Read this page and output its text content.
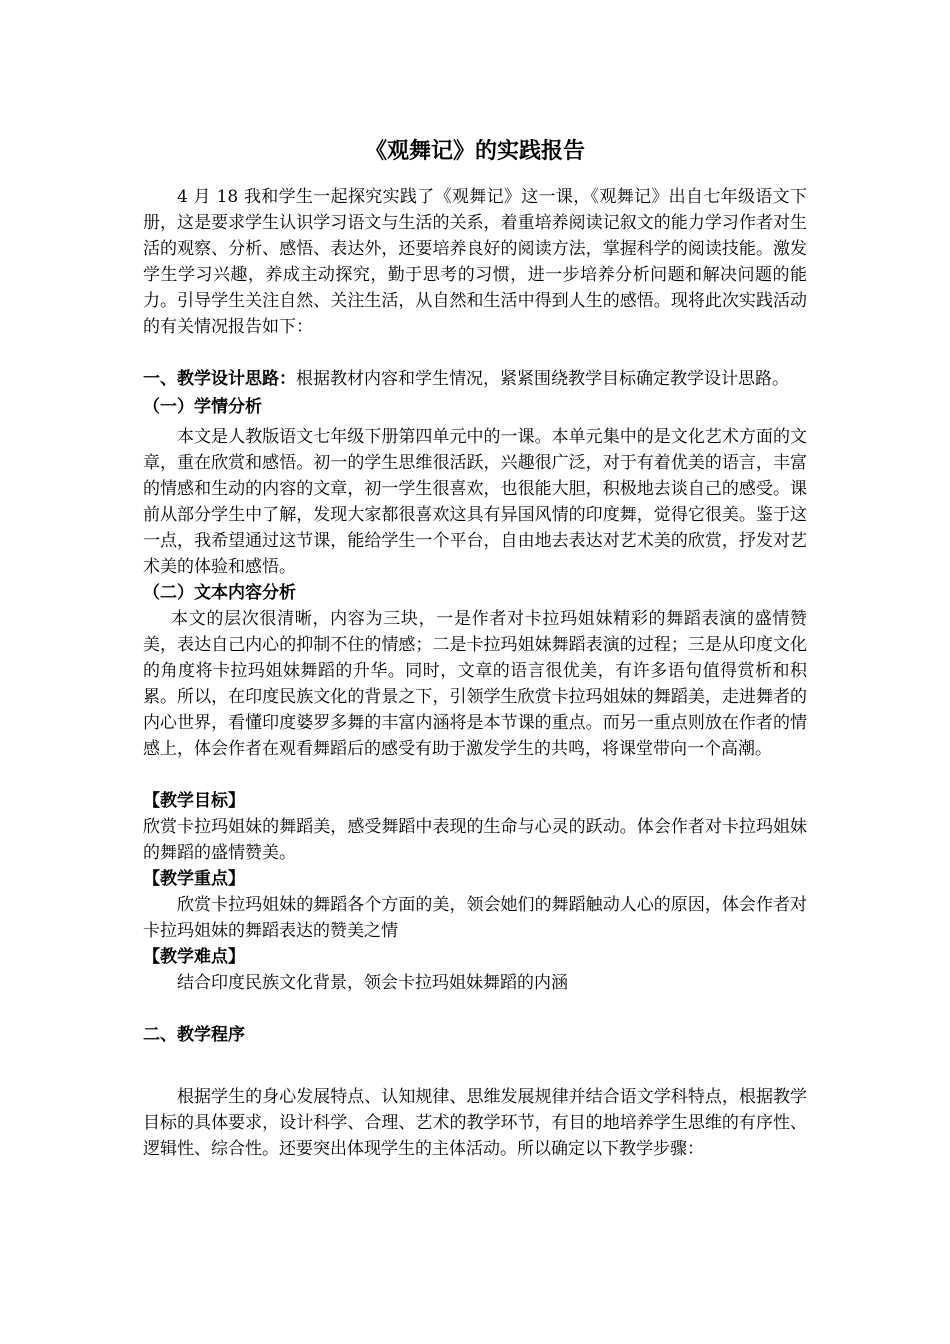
《观舞记》的实践报告

4 月 18 我和学生一起探究实践了《观舞记》这一课，《观舞记》出自七年级语文下册，这是要求学生认识学习语文与生活的关系，着重培养阅读记叙文的能力学习作者对生活的观察、分析、感悟、表达外，还要培养良好的阅读方法，掌握科学的阅读技能。激发学生学习兴趣，养成主动探究，勤于思考的习惯，进一步培养分析问题和解决问题的能力。引导学生关注自然、关注生活，从自然和生活中得到人生的感悟。现将此次实践活动的有关情况报告如下：

一、教学设计思路：根据教材内容和学生情况，紧紧围绕教学目标确定教学设计思路。

（一）学情分析

本文是人教版语文七年级下册第四单元中的一课。本单元集中的是文化艺术方面的文章，重在欣赏和感悟。初一的学生思维很活跃，兴趣很广泛，对于有着优美的语言，丰富的情感和生动的内容的文章，初一学生很喜欢，也很能大胆，积极地去谈自己的感受。课前从部分学生中了解，发现大家都很喜欢这具有异国风情的印度舞，觉得它很美。鉴于这一点，我希望通过这节课，能给学生一个平台，自由地去表达对艺术美的欣赏，抒发对艺术美的体验和感悟。

（二）文本内容分析

本文的层次很清晰，内容为三块，一是作者对卡拉玛姐妹精彩的舞蹈表演的盛情赞美，表达自己内心的抑制不住的情感；二是卡拉玛姐妹舞蹈表演的过程；三是从印度文化的角度将卡拉玛姐妹舞蹈的升华。同时，文章的语言很优美，有许多语句值得赏析和积累。所以，在印度民族文化的背景之下，引领学生欣赏卡拉玛姐妹的舞蹈美，走进舞者的内心世界，看懂印度婆罗多舞的丰富内涵将是本节课的重点。而另一重点则放在作者的情感上，体会作者在观看舞蹈后的感受有助于激发学生的共鸣，将课堂带向一个高潮。

【教学目标】

欣赏卡拉玛姐妹的舞蹈美，感受舞蹈中表现的生命与心灵的跃动。体会作者对卡拉玛姐妹的舞蹈的盛情赞美。

【教学重点】

欣赏卡拉玛姐妹的舞蹈各个方面的美，领会她们的舞蹈触动人心的原因，体会作者对卡拉玛姐妹的舞蹈表达的赞美之情

【教学难点】

结合印度民族文化背景，领会卡拉玛姐妹舞蹈的内涵

二、教学程序

根据学生的身心发展特点、认知规律、思维发展规律并结合语文学科特点，根据教学目标的具体要求，设计科学、合理、艺术的教学环节，有目的地培养学生思维的有序性、逻辑性、综合性。还要突出体现学生的主体活动。所以确定以下教学步骤：
